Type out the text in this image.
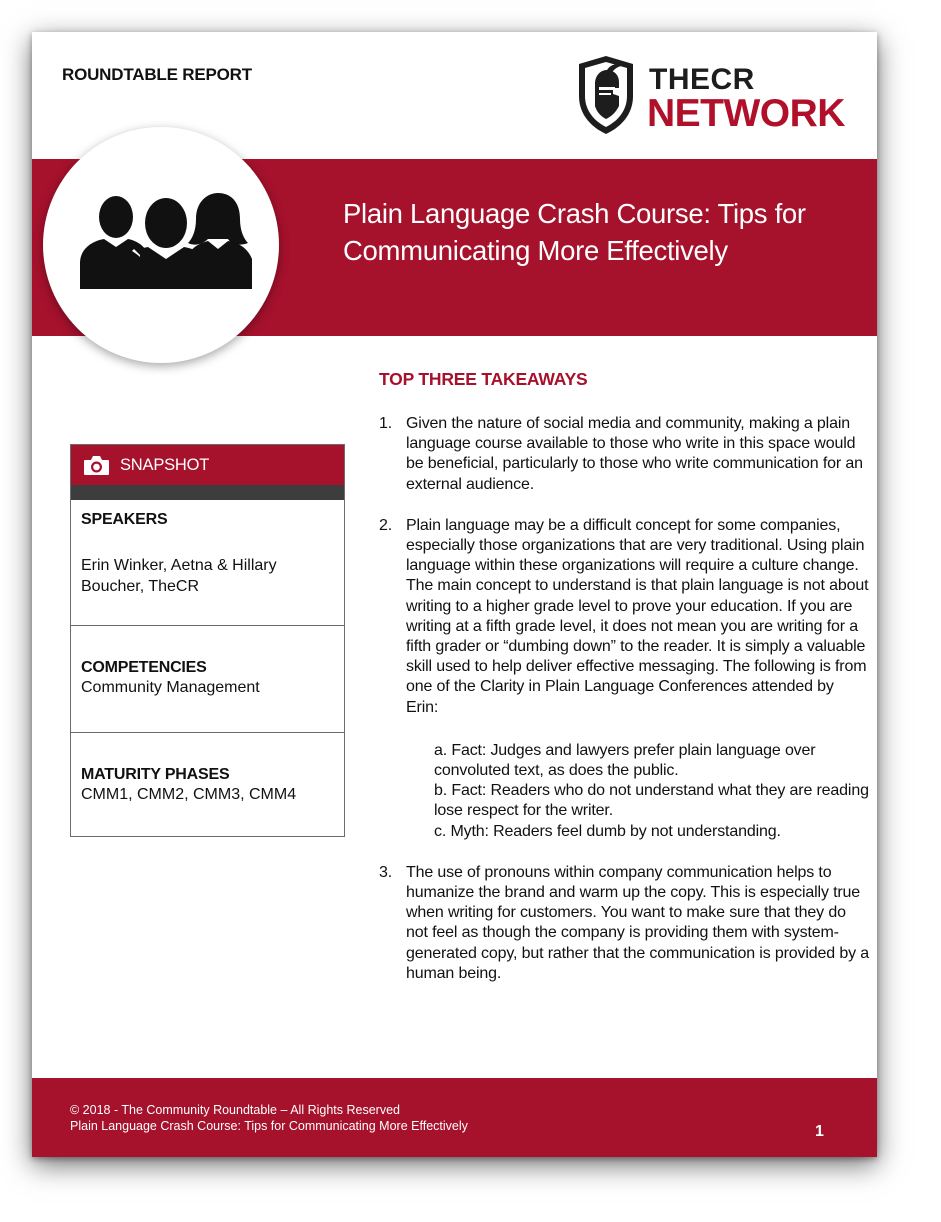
ROUNDTABLE REPORT	THECR
NETWORK
Plain Language Crash Course: Tips for Communicating More Effectively
SNAPSHOT
SPEAKERS
Erin Winker, Aetna & Hillary Boucher, TheCR
COMPETENCIES
Community Management
MATURITY PHASES
CMM1, CMM2, CMM3, CMM4
TOP THREE TAKEAWAYS
1. Given the nature of social media and community, making a plain language course available to those who write in this space would be beneficial, particularly to those who write communication for an external audience.
2. Plain language may be a difficult concept for some companies, especially those organizations that are very traditional. Using plain language within these organizations will require a culture change. The main concept to understand is that plain language is not about writing to a higher grade level to prove your education. If you are writing at a fifth grade level, it does not mean you are writing for a fifth grader or “dumbing down” to the reader. It is simply a valuable skill used to help deliver effective messaging. The following is from one of the Clarity in Plain Language Conferences attended by Erin:
a. Fact: Judges and lawyers prefer plain language over convoluted text, as does the public.
b. Fact: Readers who do not understand what they are reading lose respect for the writer.
c. Myth: Readers feel dumb by not understanding.
3. The use of pronouns within company communication helps to humanize the brand and warm up the copy. This is especially true when writing for customers. You want to make sure that they do not feel as though the company is providing them with system-generated copy, but rather that the communication is provided by a human being.
© 2018 - The Community Roundtable – All Rights Reserved
Plain Language Crash Course: Tips for Communicating More Effectively	1
